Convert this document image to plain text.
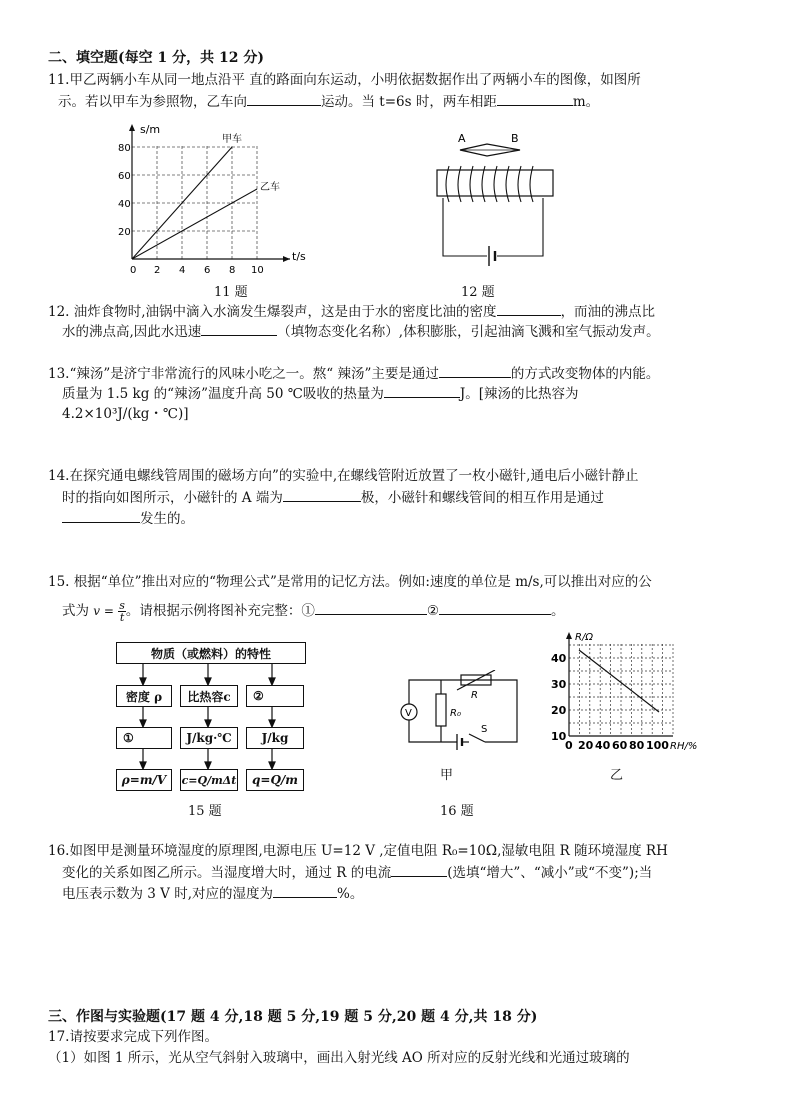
二、填空题(每空 1 分，共 12 分)
11.甲乙两辆小车从同一地点沿平 直的路面向东运动，小明依据数据作出了两辆小车的图像，如图所
示。若以甲车为参照物，乙车向	运动。当 t=6s 时，两车相距	m。
s/m
t/s
甲车
乙车
0 2 4 6 8 10
20
40
60
80
11 题
A	B
12 题
12. 油炸食物时,油锅中滴入水滴发生爆裂声，这是由于水的密度比油的密度	，而油的沸点比
水的沸点高,因此水迅速	（填物态变化名称）,体积膨胀，引起油滴飞溅和室气振动发声。
13.“辣汤”是济宁非常流行的风味小吃之一。熬“ 辣汤”主要是通过	的方式改变物体的内能。
质量为 1.5 kg 的“辣汤”温度升高 50 ℃吸收的热量为	J。[辣汤的比热容为
4.2×10³J/(kg・℃)]
14.在探究通电螺线管周围的磁场方向”的实验中,在螺线管附近放置了一枚小磁针,通电后小磁针静止
时的指向如图所示，小磁针的 A 端为	极，小磁针和螺线管间的相互作用是通过
发生的。
15. 根据“单位”推出对应的“物理公式”是常用的记忆方法。例如:速度的单位是 m/s,可以推出对应的公
式为 $v = \frac{s}{t}$ 。请根据示例将图补充完整：①	②	。
物质（或燃料）的特性
密度 ρ	比热容c	②
①	J/kg·℃	J/kg
ρ=m/V	c=Q/mΔt	q=Q/m
15 题
V
R
R₀
S
甲
R/Ω
RH/%
10
20
30
40
0 20 40 60 80 100
乙
16 题
16.如图甲是测量环境湿度的原理图,电源电压 U=12 V ,定值电阻 R₀=10Ω,湿敏电阻 R 随环境湿度 RH
变化的关系如图乙所示。当湿度增大时，通过 R 的电流	(选填“增大”、“减小”或“不变”);当
电压表示数为 3 V 时,对应的湿度为	%。
三、作图与实验题(17 题 4 分,18 题 5 分,19 题 5 分,20 题 4 分,共 18 分)
17.请按要求完成下列作图。
（1）如图 1 所示，光从空气斜射入玻璃中，画出入射光线 AO 所对应的反射光线和光通过玻璃的
